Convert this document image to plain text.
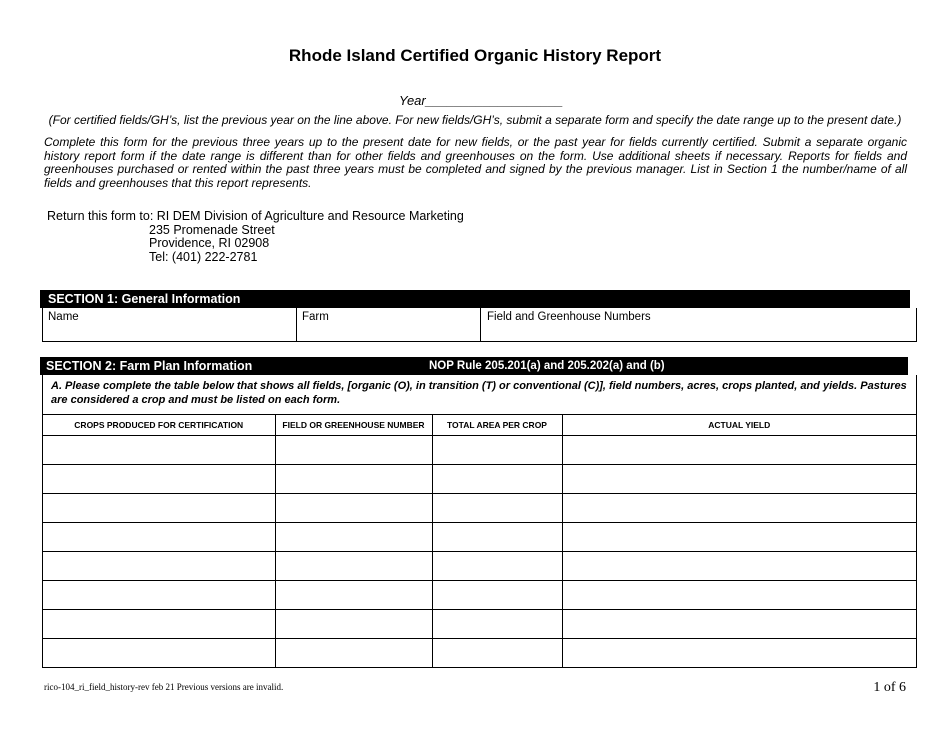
Rhode Island Certified Organic History Report
Year___________________
(For certified fields/GH’s, list the previous year on the line above. For new fields/GH’s, submit a separate form and specify the date range up to the present date.)
Complete this form for the previous three years up to the present date for new fields, or the past year for fields currently certified. Submit a separate organic history report form if the date range is different than for other fields and greenhouses on the form. Use additional sheets if necessary. Reports for fields and greenhouses purchased or rented within the past three years must be completed and signed by the previous manager. List in Section 1 the number/name of all fields and greenhouses that this report represents.
Return this form to: RI DEM Division of Agriculture and Resource Marketing
235 Promenade Street
Providence, RI 02908
Tel: (401) 222-2781
SECTION 1: General Information
Name	Farm	Field and Greenhouse Numbers
SECTION 2: Farm Plan Information	NOP Rule 205.201(a) and 205.202(a) and (b)
A. Please complete the table below that shows all fields, [organic (O), in transition (T) or conventional (C)], field numbers, acres, crops planted, and yields. Pastures are considered a crop and must be listed on each form.
CROPS PRODUCED FOR CERTIFICATION	FIELD OR GREENHOUSE NUMBER	TOTAL AREA PER CROP	ACTUAL YIELD

rico-104_ri_field_history-rev feb 21 Previous versions are invalid.	1 of 6
